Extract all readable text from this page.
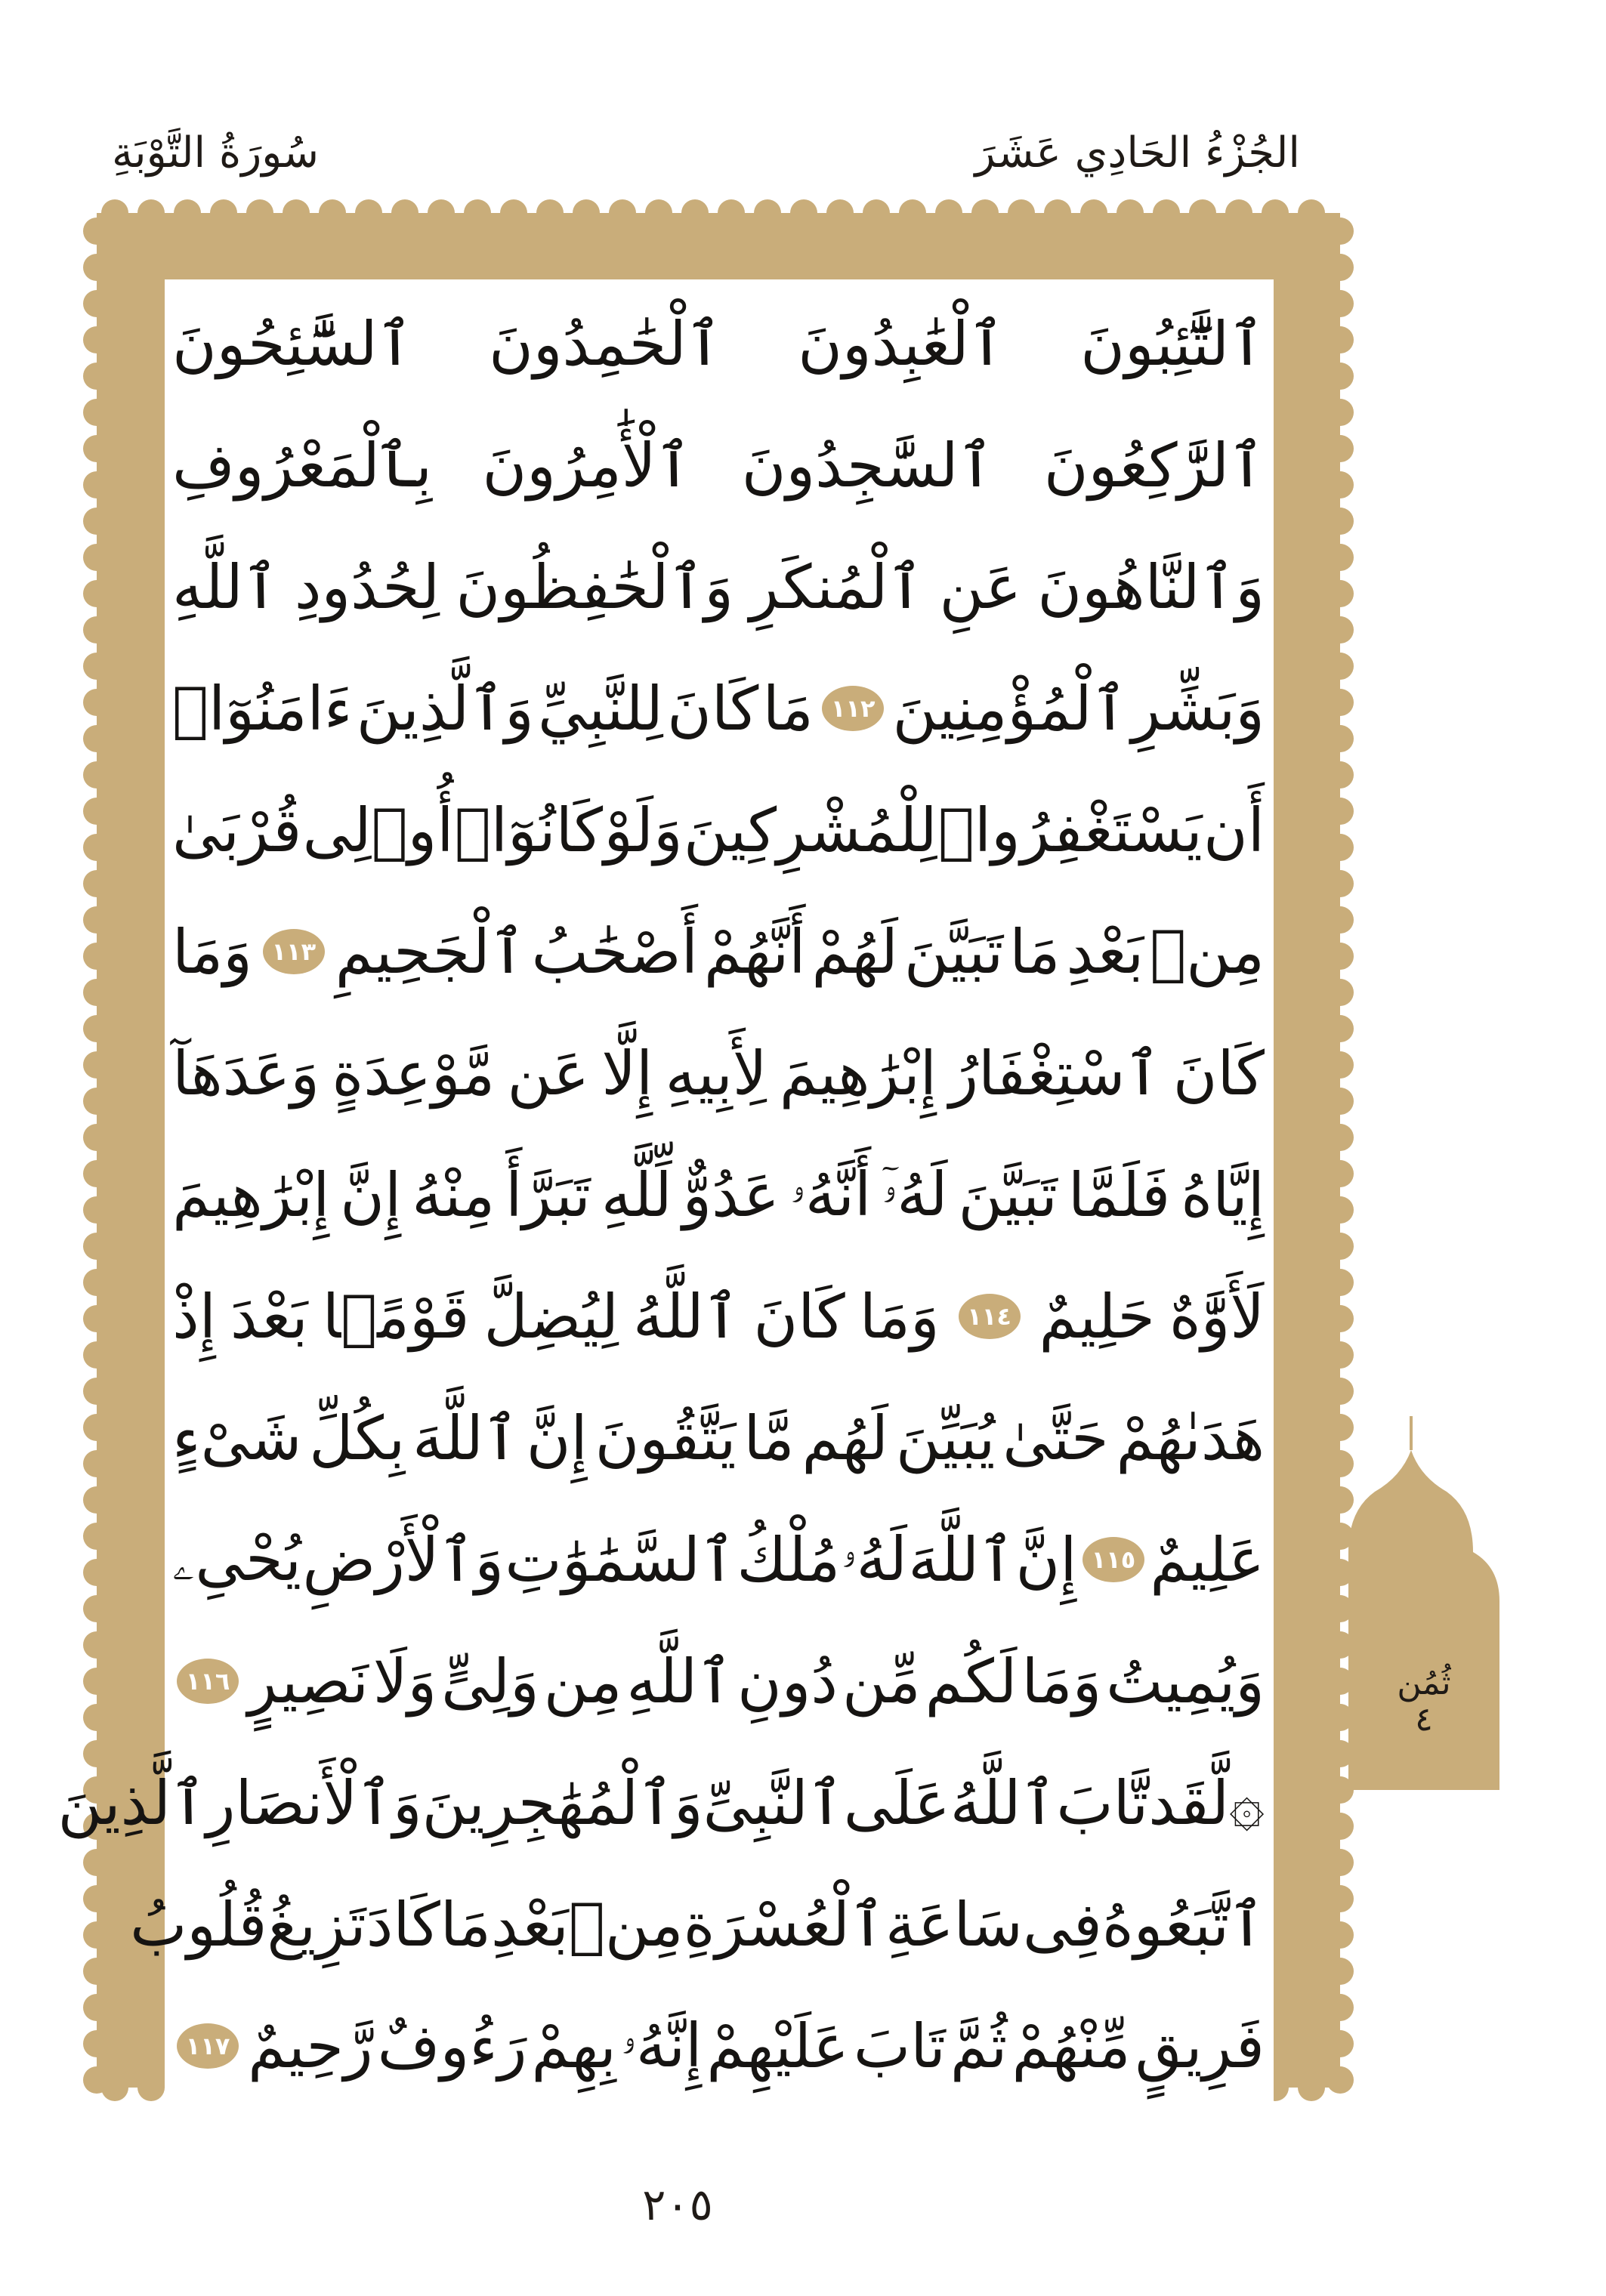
الجُزْءُ الحَادِي عَشَرَ
سُورَةُ التَّوْبَةِ
ٱلتَّٰٓئِبُونَ
ٱلْعَٰبِدُونَ
ٱلْحَٰمِدُونَ
ٱلسَّٰٓئِحُونَ
ٱلرَّٰكِعُونَ
ٱلسَّٰجِدُونَ
ٱلْأَٰمِرُونَ
بِٱلْمَعْرُوفِ
وَٱلنَّاهُونَ
عَنِ
ٱلْمُنكَرِ
وَٱلْحَٰفِظُونَ
لِحُدُودِ
ٱللَّهِ
وَبَشِّرِ
ٱلْمُؤْمِنِينَ
١١٢
مَا
كَانَ
لِلنَّبِيِّ
وَٱلَّذِينَ
ءَامَنُوٓا۟
أَن
يَسْتَغْفِرُوا۟
لِلْمُشْرِكِينَ
وَلَوْ
كَانُوٓا۟
أُو۟لِى
قُرْبَىٰ
مِنۢ
بَعْدِ
مَا
تَبَيَّنَ
لَهُمْ
أَنَّهُمْ
أَصْحَٰبُ
ٱلْجَحِيمِ
١١٣
وَمَا
كَانَ
ٱسْتِغْفَارُ
إِبْرَٰهِيمَ
لِأَبِيهِ
إِلَّا
عَن
مَّوْعِدَةٍ
وَعَدَهَآ
إِيَّاهُ
فَلَمَّا
تَبَيَّنَ
لَهُۥٓ
أَنَّهُۥ
عَدُوٌّ
لِّلَّهِ
تَبَرَّأَ
مِنْهُ
إِنَّ
إِبْرَٰهِيمَ
لَأَوَّٰهٌ
حَلِيمٌ
١١٤
وَمَا
كَانَ
ٱللَّهُ
لِيُضِلَّ
قَوْمًۢا
بَعْدَ
إِذْ
هَدَىٰهُمْ
حَتَّىٰ
يُبَيِّنَ
لَهُم
مَّا
يَتَّقُونَ
إِنَّ
ٱللَّهَ
بِكُلِّ
شَىْءٍ
عَلِيمٌ
١١٥
إِنَّ
ٱللَّهَ
لَهُۥ
مُلْكُ
ٱلسَّمَٰوَٰتِ
وَٱلْأَرْضِ
يُحْىِۦ
وَيُمِيتُ
وَمَا
لَكُم
مِّن
دُونِ
ٱللَّهِ
مِن
وَلِىٍّ
وَلَا
نَصِيرٍ
١١٦
۞
لَّقَد
تَّابَ
ٱللَّهُ
عَلَى
ٱلنَّبِىِّ
وَٱلْمُهَٰجِرِينَ
وَٱلْأَنصَارِ
ٱلَّذِينَ
ٱتَّبَعُوهُ
فِى
سَاعَةِ
ٱلْعُسْرَةِ
مِنۢ
بَعْدِ
مَا
كَادَ
تَزِيغُ
قُلُوبُ
فَرِيقٍ
مِّنْهُمْ
ثُمَّ
تَابَ
عَلَيْهِمْ
إِنَّهُۥ
بِهِمْ
رَءُوفٌ
رَّحِيمٌ
١١٧
ثُمُن
٤
٢٠٥
